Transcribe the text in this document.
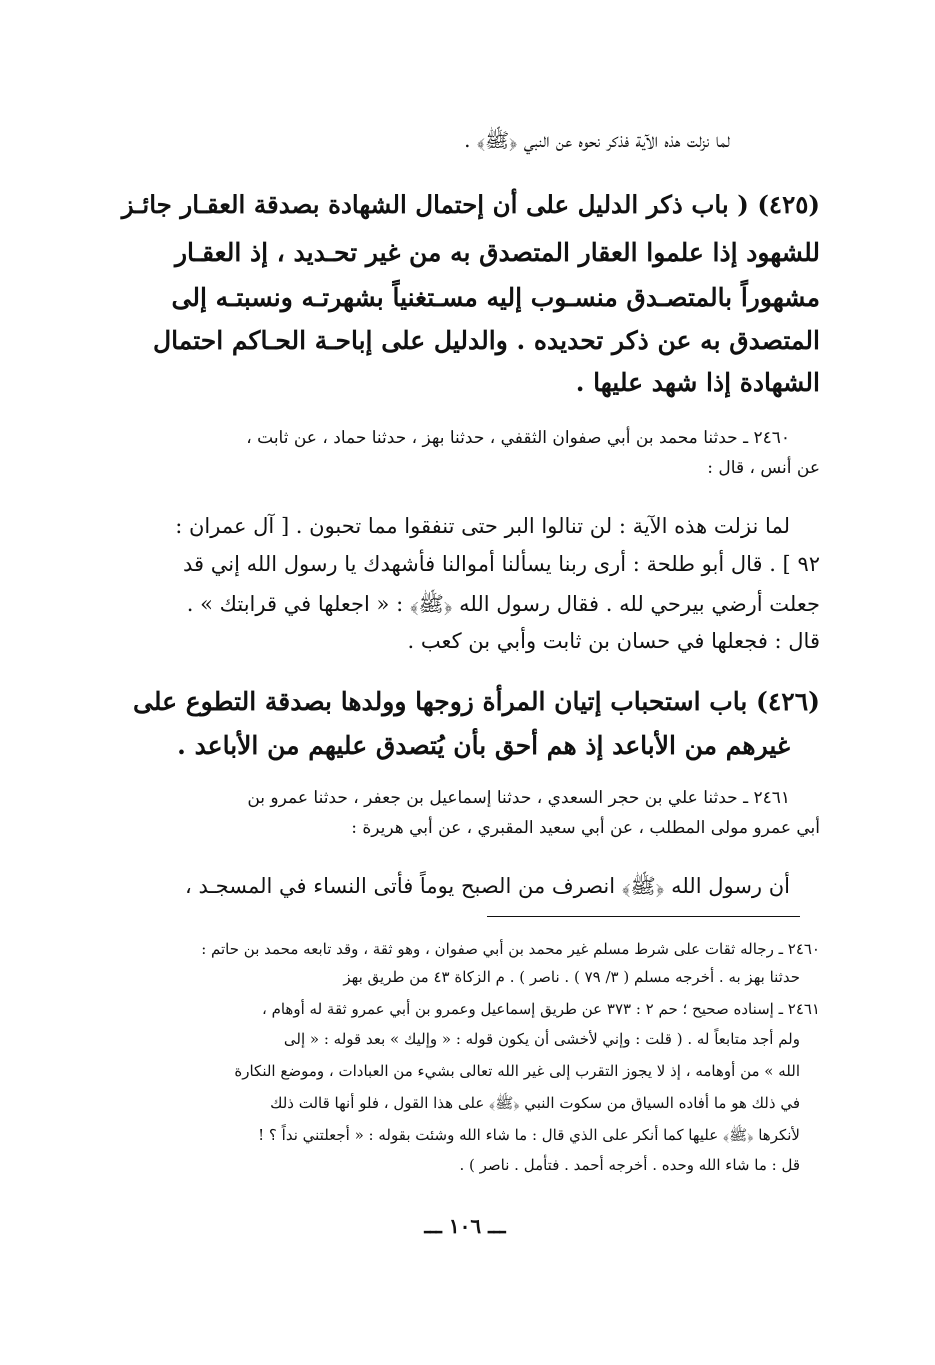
لما نزلت هذه الآية فذكر نحوه عن النبي ﴿ﷺ﴾ .
(٤٢٥) ( باب ذكر الدليل على أن إحتمال الشهادة بصدقة العقـار جائـز
للشهود إذا علموا العقار المتصدق به من غير تحـديد ، إذ العقـار
مشهوراً بالمتصـدق منسـوب إليه مسـتغنياً بشهرتـه ونسبتـه إلى
المتصدق به عن ذكر تحديده . والدليل على إباحـة الحـاكم احتمال
الشهادة إذا شهد عليها .
٢٤٦٠ ـ حدثنا محمد بن أبي صفوان الثقفي ، حدثنا بهز ، حدثنا حماد ، عن ثابت ،
عن أنس ، قال :
لما نزلت هذه الآية : لن تنالوا البر حتى تنفقوا مما تحبون . [ آل عمران :
٩٢ ] . قال أبو طلحة : أرى ربنا يسألنا أموالنا فأشهدك يا رسول الله إني قد
جعلت أرضي بيرحي لله . فقال رسول الله ﴿ﷺ﴾ : « اجعلها في قرابتك » .
قال : فجعلها في حسان بن ثابت وأبي بن كعب .
(٤٢٦) باب استحباب إتيان المرأة زوجها وولدها بصدقة التطوع على
غيرهم من الأباعد إذ هم أحق بأن يُتصدق عليهم من الأباعد .
٢٤٦١ ـ حدثنا علي بن حجر السعدي ، حدثنا إسماعيل بن جعفر ، حدثنا عمرو بن
أبي عمرو مولى المطلب ، عن أبي سعيد المقبري ، عن أبي هريرة :
أن رسول الله ﴿ﷺ﴾ انصرف من الصبح يوماً فأتى النساء في المسجـد ،
٢٤٦٠ ـ رجاله ثقات على شرط مسلم غير محمد بن أبي صفوان ، وهو ثقة ، وقد تابعه محمد بن حاتم :
حدثنا بهز به . أخرجه مسلم ( ٣/ ٧٩ ) . ناصر ) . م الزكاة ٤٣ من طريق بهز
٢٤٦١ ـ إسناده صحيح ؛ حم ٢ : ٣٧٣ عن طريق إسماعيل وعمرو بن أبي عمرو ثقة له أوهام ،
ولم أجد متابعاً له . ( قلت : وإني لأخشى أن يكون قوله : « وإليك » بعد قوله : « إلى
الله » من أوهامه ، إذ لا يجوز التقرب إلى غير الله تعالى بشيء من العبادات ، وموضع النكارة
في ذلك هو ما أفاده السياق من سكوت النبي ﴿ﷺ﴾ على هذا القول ، فلو أنها قالت ذلك
لأنكرها ﴿ﷺ﴾ عليها كما أنكر على الذي قال : ما شاء الله وشئت بقوله : « أجعلتني نداً ؟ !
قل : ما شاء الله وحده . أخرجه أحمد . فتأمل . ناصر ) .
ـــ ١٠٦ ـــ
